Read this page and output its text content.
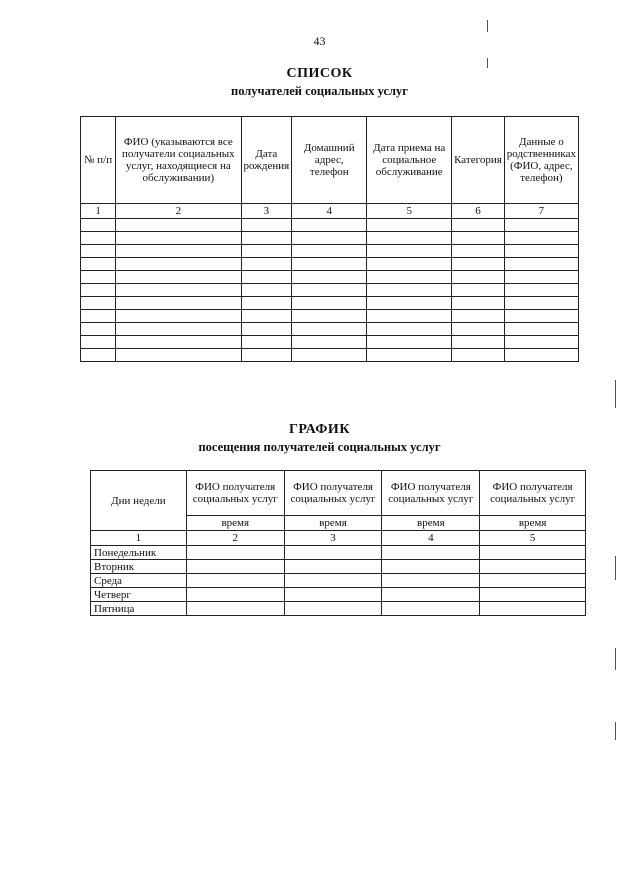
43
СПИСОК
получателей социальных услуг
№ п/п	ФИО (указываются все получатели социальных услуг, находящиеся на обслуживании)	Дата рождения	Домашний адрес, телефон	Дата приема на социальное обслуживание	Категория	Данные о родственниках (ФИО, адрес, телефон)
1	2	3	4	5	6	7

ГРАФИК
посещения получателей социальных услуг
Дни недели	ФИО получателя социальных услуг	ФИО получателя социальных услуг	ФИО получателя социальных услуг	ФИО получателя социальных услуг
	время	время	время	время
1	2	3	4	5
Понедельник				
Вторник				
Среда				
Четверг				
Пятница				
